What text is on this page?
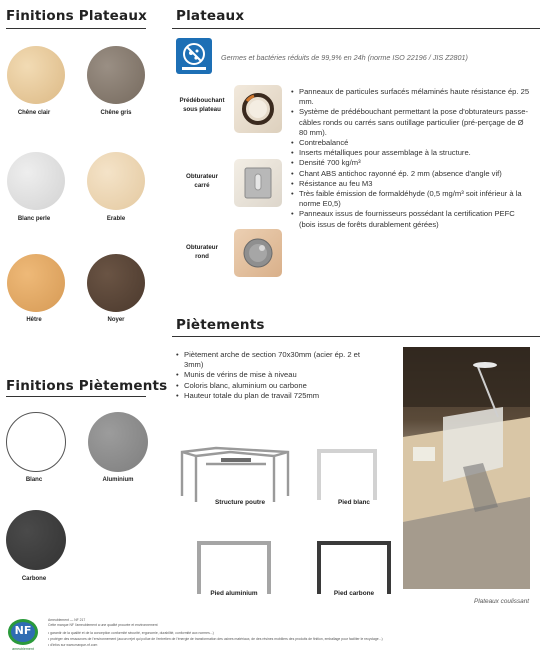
Finitions Plateaux
Chêne clair	Chêne gris
Blanc perle	Erable
Hêtre	Noyer
Finitions Piètements
Blanc	Aluminium
Carbone
Plateaux
Germes et bactéries réduits de 99,9% en 24h (norme ISO 22196 / JIS Z2801)
Prédébouchant sous plateau
Obturateur carré
Obturateur rond
• Panneaux de particules surfacés mélaminés haute résistance ép. 25 mm.
• Système de prédébouchant permettant la pose d'obturateurs passe-câbles ronds ou carrés sans outillage particulier (pré-perçage de Ø 80 mm).
• Contrebalancé
• Inserts métalliques pour assemblage à la structure.
• Densité 700 kg/m³
• Chant ABS antichoc rayonné ép. 2 mm (absence d'angle vif)
• Résistance au feu M3
• Très faible émission de formaldéhyde (0,5 mg/m³ soit inférieur à la norme E0,5)
• Panneaux issus de fournisseurs possédant la certification PEFC (bois issus de forêts durablement gérées)
Piètements
• Piètement arche de section 70x30mm (acier ép. 2 et 3mm)
• Munis de vérins de mise à niveau
• Coloris blanc, aluminium ou carbone
• Hauteur totale du plan de travail 725mm
Structure poutre	Pied blanc
Pied aluminium	Pied carbone
Plateaux coulissant
NF
ameublement
Ameublement — NF 217
Cette marque NF l'ameublement a une qualité prouvée et environnement
• garantir de la qualité et de la conception conformité sécurité, ergonomie, durabilité, conformité aux normes...)
• protéger des ressources de l'environnement (aucun rejet qui pollue de l'entretien de l'énergie de transformation des usines matériaux, de des résines mobiliers des produits de finition, emballage pour faciliter le recyclage...)
• d'infos sur www.marque-nf.com
